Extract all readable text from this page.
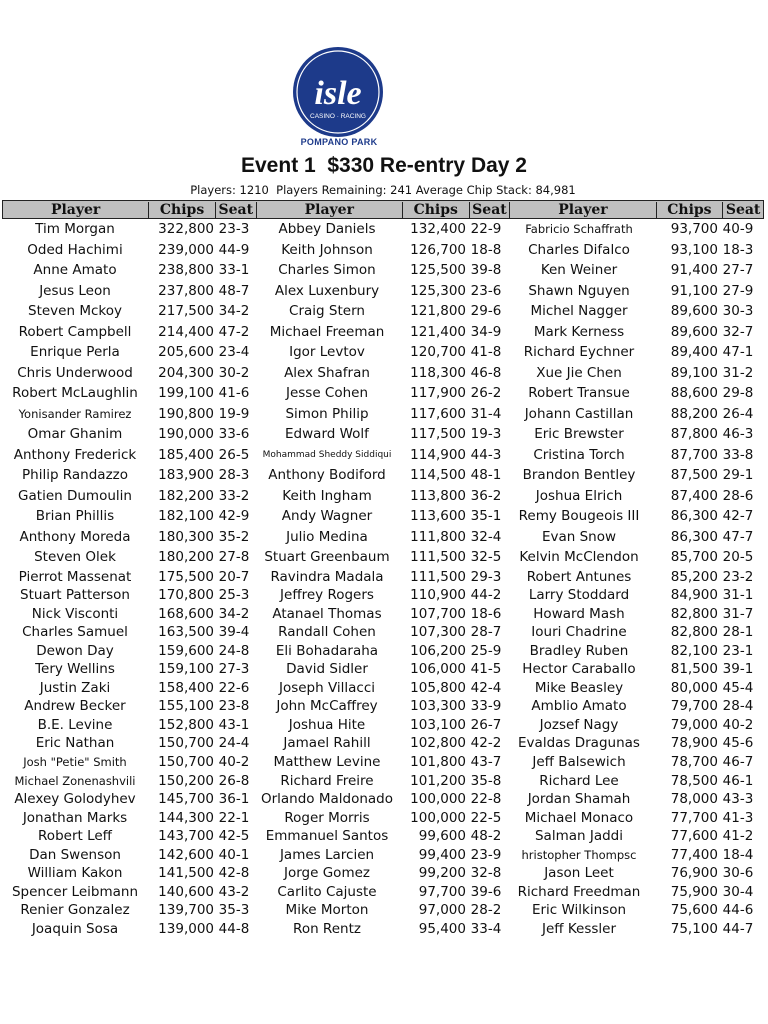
isle
CASINO · RACING
POMPANO PARK
Event 1  $330 Re-entry Day 2
Players: 1210  Players Remaining: 241 Average Chip Stack: 84,981
Player	Chips	Seat	Player	Chips	Seat	Player	Chips	Seat
Tim Morgan	322,800 23-3	Abbey Daniels	132,400 22-9	Fabricio Schaffrath	93,700 40-9
Oded Hachimi	239,000 44-9	Keith Johnson	126,700 18-8	Charles Difalco	93,100 18-3
Anne Amato	238,800 33-1	Charles Simon	125,500 39-8	Ken Weiner	91,400 27-7
Jesus Leon	237,800 48-7	Alex Luxenbury	125,300 23-6	Shawn Nguyen	91,100 27-9
Steven Mckoy	217,500 34-2	Craig Stern	121,800 29-6	Michel Nagger	89,600 30-3
Robert Campbell	214,400 47-2	Michael Freeman	121,400 34-9	Mark Kerness	89,600 32-7
Enrique Perla	205,600 23-4	Igor Levtov	120,700 41-8	Richard Eychner	89,400 47-1
Chris Underwood	204,300 30-2	Alex Shafran	118,300 46-8	Xue Jie Chen	89,100 31-2
Robert McLaughlin	199,100 41-6	Jesse Cohen	117,900 26-2	Robert Transue	88,600 29-8
Yonisander Ramirez	190,800 19-9	Simon Philip	117,600 31-4	Johann Castillan	88,200 26-4
Omar Ghanim	190,000 33-6	Edward Wolf	117,500 19-3	Eric Brewster	87,800 46-3
Anthony Frederick	185,400 26-5	Mohammad Sheddy Siddiqui	114,900 44-3	Cristina Torch	87,700 33-8
Philip Randazzo	183,900 28-3	Anthony Bodiford	114,500 48-1	Brandon Bentley	87,500 29-1
Gatien Dumoulin	182,200 33-2	Keith Ingham	113,800 36-2	Joshua Elrich	87,400 28-6
Brian Phillis	182,100 42-9	Andy Wagner	113,600 35-1	Remy Bougeois III	86,300 42-7
Anthony Moreda	180,300 35-2	Julio Medina	111,800 32-4	Evan Snow	86,300 47-7
Steven Olek	180,200 27-8	Stuart Greenbaum	111,500 32-5	Kelvin McClendon	85,700 20-5
Pierrot Massenat	175,500 20-7	Ravindra Madala	111,500 29-3	Robert Antunes	85,200 23-2
Stuart Patterson	170,800 25-3	Jeffrey Rogers	110,900 44-2	Larry Stoddard	84,900 31-1
Nick Visconti	168,600 34-2	Atanael Thomas	107,700 18-6	Howard Mash	82,800 31-7
Charles Samuel	163,500 39-4	Randall Cohen	107,300 28-7	Iouri Chadrine	82,800 28-1
Dewon Day	159,600 24-8	Eli Bohadaraha	106,200 25-9	Bradley Ruben	82,100 23-1
Tery Wellins	159,100 27-3	David Sidler	106,000 41-5	Hector Caraballo	81,500 39-1
Justin Zaki	158,400 22-6	Joseph Villacci	105,800 42-4	Mike Beasley	80,000 45-4
Andrew Becker	155,100 23-8	John McCaffrey	103,300 33-9	Amblio Amato	79,700 28-4
B.E. Levine	152,800 43-1	Joshua Hite	103,100 26-7	Jozsef Nagy	79,000 40-2
Eric Nathan	150,700 24-4	Jamael Rahill	102,800 42-2	Evaldas Dragunas	78,900 45-6
Josh "Petie" Smith	150,700 40-2	Matthew Levine	101,800 43-7	Jeff Balsewich	78,700 46-7
Michael Zonenashvili	150,200 26-8	Richard Freire	101,200 35-8	Richard Lee	78,500 46-1
Alexey Golodyhev	145,700 36-1 Orlando Maldonado	100,000 22-8	Jordan Shamah	78,000 43-3
Jonathan Marks	144,300 22-1	Roger Morris	100,000 22-5	Michael Monaco	77,700 41-3
Robert Leff	143,700 42-5	Emmanuel Santos	99,600 48-2	Salman Jaddi	77,600 41-2
Dan Swenson	142,600 40-1	James Larcien	99,400 23-9	hristopher Thompsc	77,400 18-4
William Kakon	141,500 42-8	Jorge Gomez	99,200 32-8	Jason Leet	76,900 30-6
Spencer Leibmann	140,600 43-2	Carlito Cajuste	97,700 39-6	Richard Freedman	75,900 30-4
Renier Gonzalez	139,700 35-3	Mike Morton	97,000 28-2	Eric Wilkinson	75,600 44-6
Joaquin Sosa	139,000 44-8	Ron Rentz	95,400 33-4	Jeff Kessler	75,100 44-7
